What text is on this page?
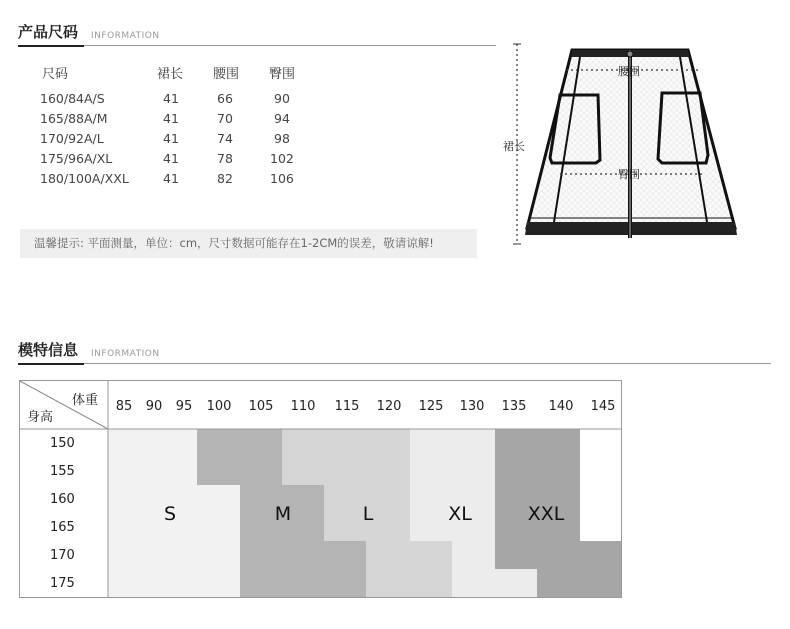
产品尺码 INFORMATION
尺码	裙长 腰围 臀围
160/84A/S	41	66	90
165/88A/M	41	70	94
170/92A/L	41	74	98
175/96A/XL	41	78	102
180/100A/XXL	41	82	106
温馨提示: 平面测量，单位：cm，尺寸数据可能存在1-2CM的误差，敬请谅解!
裙长
腰围
臀围
模特信息 INFORMATION
体重
身高
85 90 95 100 105 110 115 120 125 130 135 140 145
150
155
160
165
170
175
S	M	L	XL	XXL
